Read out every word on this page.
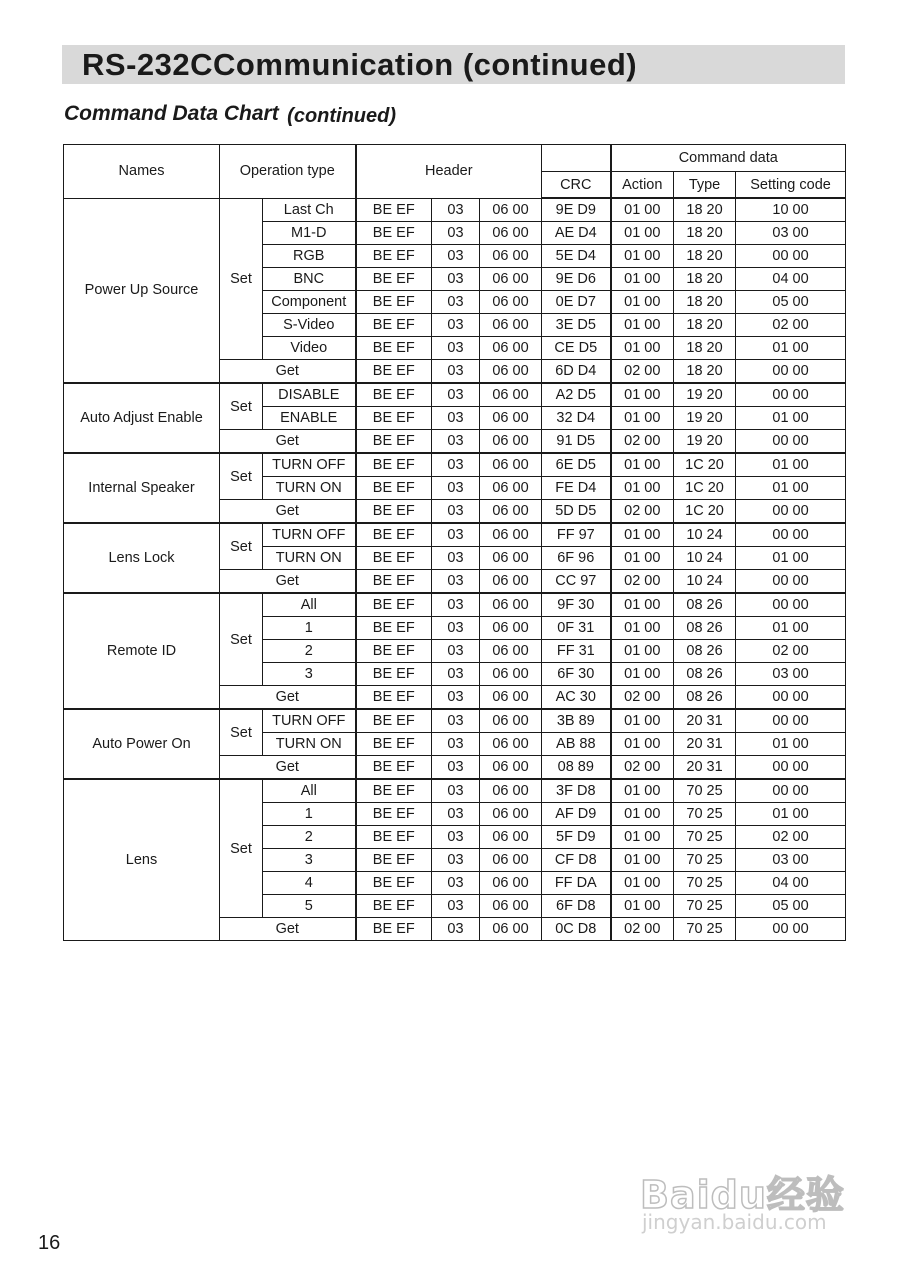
RS-232CCommunication (continued)
Command Data Chart (continued)
Names	Operation type		Header				Command data		
						CRC	Action	Type	Setting code
Power Up Source	Set	Last Ch	BE EF	03	06 00	9E D9	01 00	18 20	10 00
		M1-D	BE EF	03	06 00	AE D4	01 00	18 20	03 00
		RGB	BE EF	03	06 00	5E D4	01 00	18 20	00 00
		BNC	BE EF	03	06 00	9E D6	01 00	18 20	04 00
		Component	BE EF	03	06 00	0E D7	01 00	18 20	05 00
		S-Video	BE EF	03	06 00	3E D5	01 00	18 20	02 00
		Video	BE EF	03	06 00	CE D5	01 00	18 20	01 00
	Get		BE EF	03	06 00	6D D4	02 00	18 20	00 00
Auto Adjust Enable	Set	DISABLE	BE EF	03	06 00	A2 D5	01 00	19 20	00 00
		ENABLE	BE EF	03	06 00	32 D4	01 00	19 20	01 00
	Get		BE EF	03	06 00	91 D5	02 00	19 20	00 00
Internal Speaker	Set	TURN OFF	BE EF	03	06 00	6E D5	01 00	1C 20	01 00
		TURN ON	BE EF	03	06 00	FE D4	01 00	1C 20	01 00
	Get		BE EF	03	06 00	5D D5	02 00	1C 20	00 00
Lens Lock	Set	TURN OFF	BE EF	03	06 00	FF 97	01 00	10 24	00 00
		TURN ON	BE EF	03	06 00	6F 96	01 00	10 24	01 00
	Get		BE EF	03	06 00	CC 97	02 00	10 24	00 00
Remote ID	Set	All	BE EF	03	06 00	9F 30	01 00	08 26	00 00
		1	BE EF	03	06 00	0F 31	01 00	08 26	01 00
		2	BE EF	03	06 00	FF 31	01 00	08 26	02 00
		3	BE EF	03	06 00	6F 30	01 00	08 26	03 00
	Get		BE EF	03	06 00	AC 30	02 00	08 26	00 00
Auto Power On	Set	TURN OFF	BE EF	03	06 00	3B 89	01 00	20 31	00 00
		TURN ON	BE EF	03	06 00	AB 88	01 00	20 31	01 00
	Get		BE EF	03	06 00	08 89	02 00	20 31	00 00
Lens	Set	All	BE EF	03	06 00	3F D8	01 00	70 25	00 00
		1	BE EF	03	06 00	AF D9	01 00	70 25	01 00
		2	BE EF	03	06 00	5F D9	01 00	70 25	02 00
		3	BE EF	03	06 00	CF D8	01 00	70 25	03 00
		4	BE EF	03	06 00	FF DA	01 00	70 25	04 00
		5	BE EF	03	06 00	6F D8	01 00	70 25	05 00
	Get		BE EF	03	06 00	0C D8	02 00	70 25	00 00
16
Baidu经验
jingyan.baidu.com
